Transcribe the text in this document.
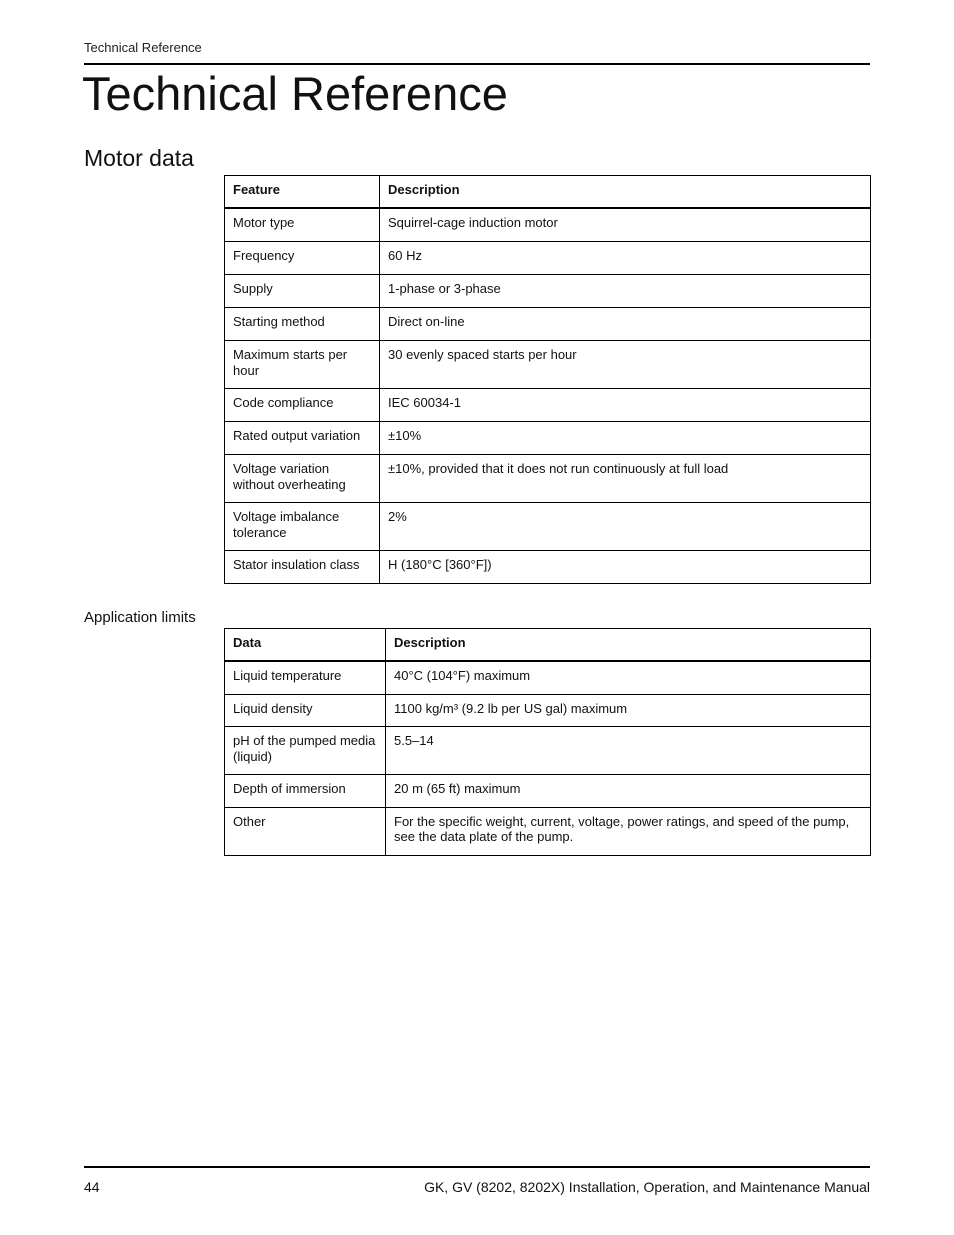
Technical Reference
Technical Reference
Motor data
Feature	Description
Motor type	Squirrel-cage induction motor
Frequency	60 Hz
Supply	1-phase or 3-phase
Starting method	Direct on-line
Maximum starts per hour	30 evenly spaced starts per hour
Code compliance	IEC 60034-1
Rated output variation	±10%
Voltage variation without overheating	±10%, provided that it does not run continuously at full load
Voltage imbalance tolerance	2%
Stator insulation class	H (180°C [360°F])
Application limits
Data	Description
Liquid temperature	40°C (104°F) maximum
Liquid density	1100 kg/m³ (9.2 lb per US gal) maximum
pH of the pumped media (liquid)	5.5–14
Depth of immersion	20 m (65 ft) maximum
Other	For the specific weight, current, voltage, power ratings, and speed of the pump, see the data plate of the pump.
44	GK, GV (8202, 8202X) Installation, Operation, and Maintenance Manual
